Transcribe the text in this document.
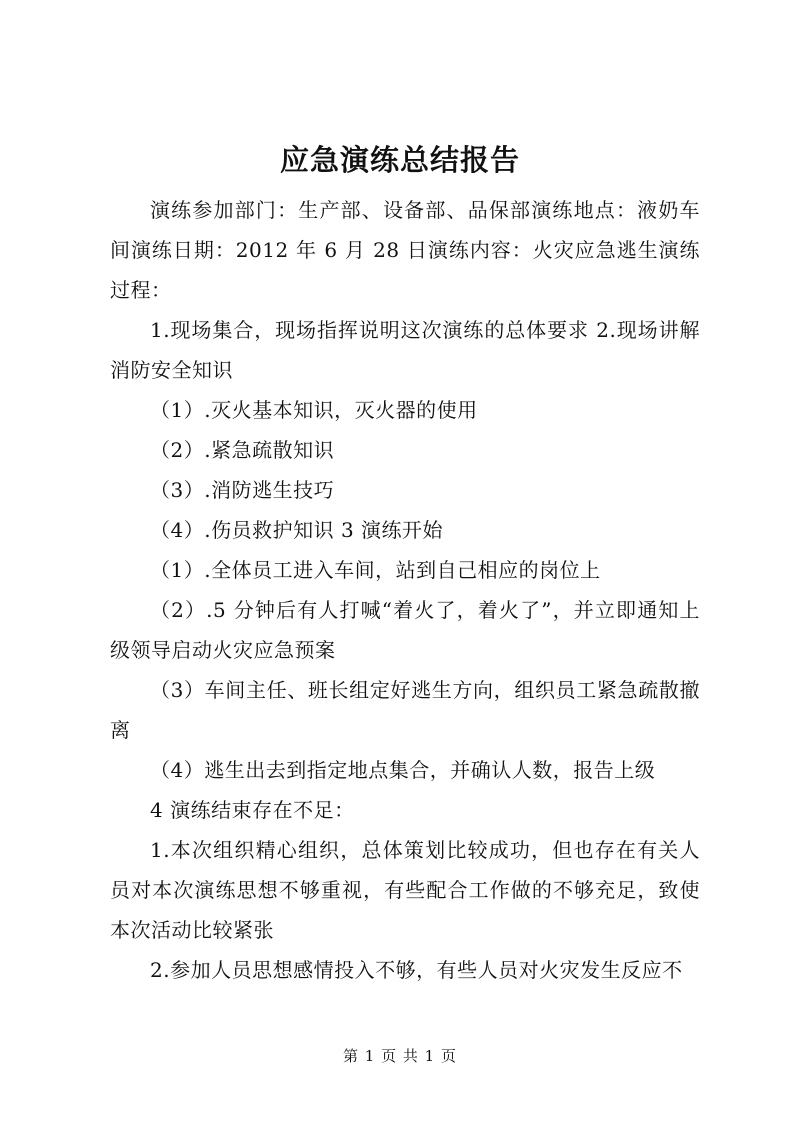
应急演练总结报告

演练参加部门：生产部、设备部、品保部演练地点：液奶车间演练日期：2012 年 6 月 28 日演练内容：火灾应急逃生演练过程：

1.现场集合，现场指挥说明这次演练的总体要求 2.现场讲解消防安全知识

（1）.灭火基本知识，灭火器的使用

（2）.紧急疏散知识

（3）.消防逃生技巧

（4）.伤员救护知识 3 演练开始

（1）.全体员工进入车间，站到自己相应的岗位上

（2）.5 分钟后有人打喊“着火了，着火了”，并立即通知上级领导启动火灾应急预案

（3）车间主任、班长组定好逃生方向，组织员工紧急疏散撤离

（4）逃生出去到指定地点集合，并确认人数，报告上级

4 演练结束存在不足：

1.本次组织精心组织，总体策划比较成功，但也存在有关人员对本次演练思想不够重视，有些配合工作做的不够充足，致使本次活动比较紧张

2.参加人员思想感情投入不够，有些人员对火灾发生反应不

第 1 页 共 1 页
